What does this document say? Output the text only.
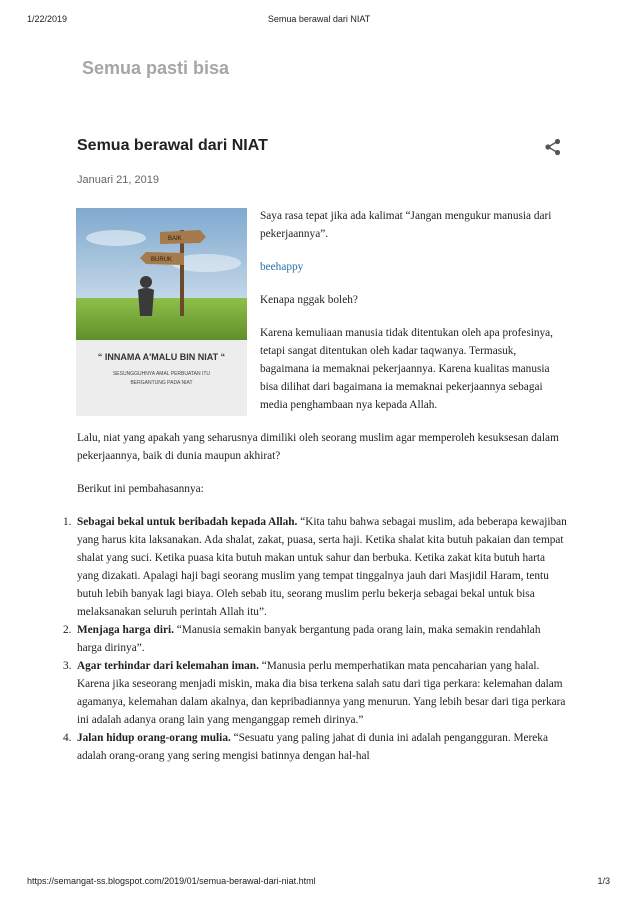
1/22/2019	Semua berawal dari NIAT
Semua pasti bisa
Semua berawal dari NIAT
Januari 21, 2019
BAIK
BURUK
“ INNAMA A'MALU BIN NIAT “
SESUNGGUHNYA AMAL PERBUATAN ITU
BERGANTUNG PADA NIAT

Saya rasa tepat jika ada kalimat “Jangan mengukur manusia dari pekerjaannya”.

beehappy

Kenapa nggak boleh?

Karena kemuliaan manusia tidak ditentukan oleh apa profesinya, tetapi sangat ditentukan oleh kadar taqwanya. Termasuk, bagaimana ia memaknai pekerjaannya. Karena kualitas manusia bisa dilihat dari bagaimana ia memaknai pekerjaannya sebagai media penghambaan nya kepada Allah.

Lalu, niat yang apakah yang seharusnya dimiliki oleh seorang muslim agar memperoleh kesuksesan dalam pekerjaannya, baik di dunia maupun akhirat?

Berikut ini pembahasannya:

1. Sebagai bekal untuk beribadah kepada Allah. “Kita tahu bahwa sebagai muslim, ada beberapa kewajiban yang harus kita laksanakan. Ada shalat, zakat, puasa, serta haji. Ketika shalat kita butuh pakaian dan tempat shalat yang suci. Ketika puasa kita butuh makan untuk sahur dan berbuka. Ketika zakat kita butuh harta yang dizakati. Apalagi haji bagi seorang muslim yang tempat tinggalnya jauh dari Masjidil Haram, tentu butuh lebih banyak lagi biaya. Oleh sebab itu, seorang muslim perlu bekerja sebagai bekal untuk bisa melaksanakan seluruh perintah Allah itu”.
2. Menjaga harga diri. “Manusia semakin banyak bergantung pada orang lain, maka semakin rendahlah harga dirinya”.
3. Agar terhindar dari kelemahan iman. “Manusia perlu memperhatikan mata pencaharian yang halal. Karena jika seseorang menjadi miskin, maka dia bisa terkena salah satu dari tiga perkara: kelemahan dalam agamanya, kelemahan dalam akalnya, dan kepribadiannya yang menurun. Yang lebih besar dari tiga perkara ini adalah adanya orang lain yang menganggap remeh dirinya.”
4. Jalan hidup orang-orang mulia. “Sesuatu yang paling jahat di dunia ini adalah pengangguran. Mereka adalah orang-orang yang sering mengisi batinnya dengan hal-hal
https://semangat-ss.blogspot.com/2019/01/semua-berawal-dari-niat.html	1/3
